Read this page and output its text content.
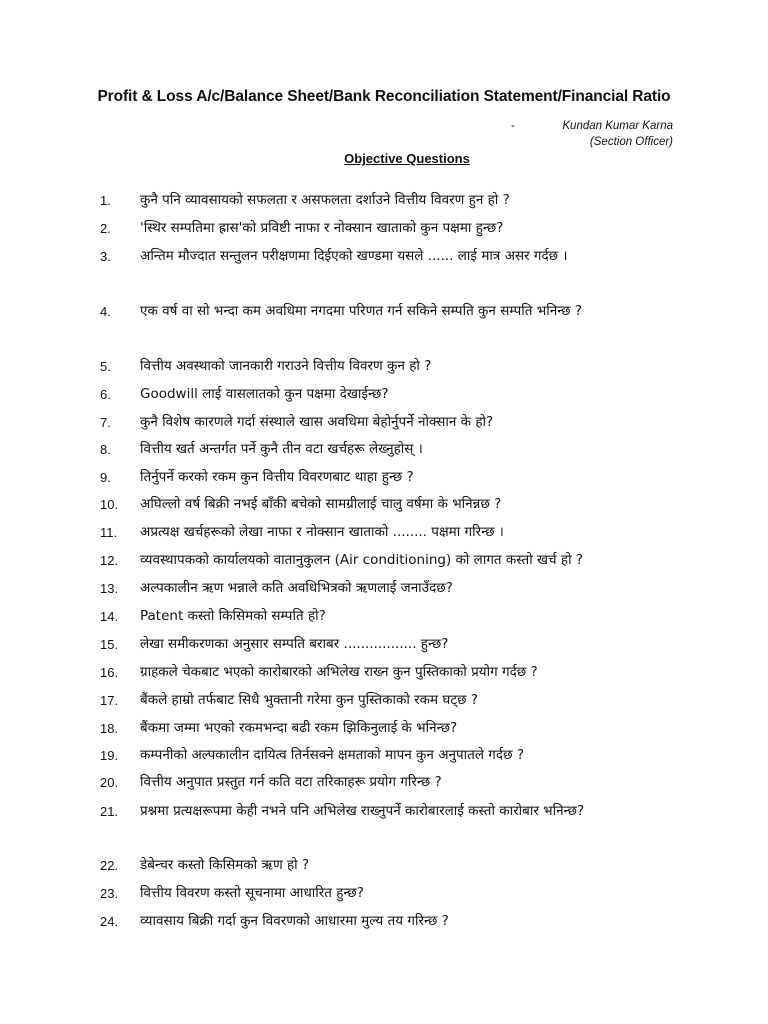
Profit & Loss A/c/Balance Sheet/Bank Reconciliation Statement/Financial Ratio
-	Kundan Kumar Karna
(Section Officer)
Objective Questions
1.	कुनै पनि व्यावसायको सफलता र असफलता दर्शाउने वित्तीय विवरण हुन हो ?
2.	'स्थिर सम्पतिमा ह्रास'को प्रविष्टी नाफा र नोक्सान खाताको कुन पक्षमा हुन्छ?
3.	अन्तिम मौज्दात सन्तुलन परीक्षणमा दिईएको खण्डमा यसले ...... लाई मात्र असर गर्दछ ।
4.	एक वर्ष वा सो भन्दा कम अवधिमा नगदमा परिणत गर्न सकिने सम्पति कुन सम्पति भनिन्छ ?
5.	वित्तीय अवस्थाको जानकारी गराउने वित्तीय विवरण कुन हो ?
6.	Goodwill लाई वासलातको कुन पक्षमा देखाईन्छ?
7.	कुनै विशेष कारणले गर्दा संस्थाले खास अवधिमा बेहोर्नुपर्ने नोक्सान के हो?
8.	वित्तीय खर्त अन्तर्गत पर्ने कुनै तीन वटा खर्चहरू लेख्नुहोस् ।
9.	तिर्नुपर्ने करको रकम कुन वित्तीय विवरणबाट थाहा हुन्छ ?
10.	अघिल्लो वर्ष बिक्री नभई बाँकी बचेको सामग्रीलाई चालु वर्षमा के भनिन्नछ ?
11.	अप्रत्यक्ष खर्चहरूको लेखा नाफा र नोक्सान खाताको ........ पक्षमा गरिन्छ ।
12.	व्यवस्थापकको कार्यालयको वातानुकुलन (Air conditioning) को लागत कस्तो खर्च हो ?
13.	अल्पकालीन ऋण भन्नाले कति अवधिभित्रको ऋणलाई जनाउँदछ?
14.	Patent कस्तो किसिमको सम्पति हो?
15.	लेखा समीकरणका अनुसार सम्पति बराबर ................. हुन्छ?
16.	ग्राहकले चेकबाट भएको कारोबारको अभिलेख राख्न कुन पुस्तिकाको प्रयोग गर्दछ ?
17.	बैंकले हाम्रो तर्फबाट सिधै भुक्तानी गरेमा कुन पुस्तिकाको रकम घट्छ ?
18.	बैंकमा जम्मा भएको रकमभन्दा बढी रकम झिकिनुलाई के भनिन्छ?
19.	कम्पनीको अल्पकालीन दायित्व तिर्नसक्ने क्षमताको मापन कुन अनुपातले गर्दछ ?
20.	वित्तीय अनुपात प्रस्तुत गर्न कति वटा तरिकाहरू प्रयोग गरिन्छ ?
21.	प्रश्नमा प्रत्यक्षरूपमा केही नभने पनि अभिलेख राख्नुपर्ने कारोबारलाई कस्तो कारोबार भनिन्छ?
22.	डेबेन्चर कस्तो किसिमको ऋण हो ?
23.	वित्तीय विवरण कस्तो सूचनामा आधारित हुन्छ?
24.	व्यावसाय बिक्री गर्दा कुन विवरणको आधारमा मुल्य तय गरिन्छ ?
